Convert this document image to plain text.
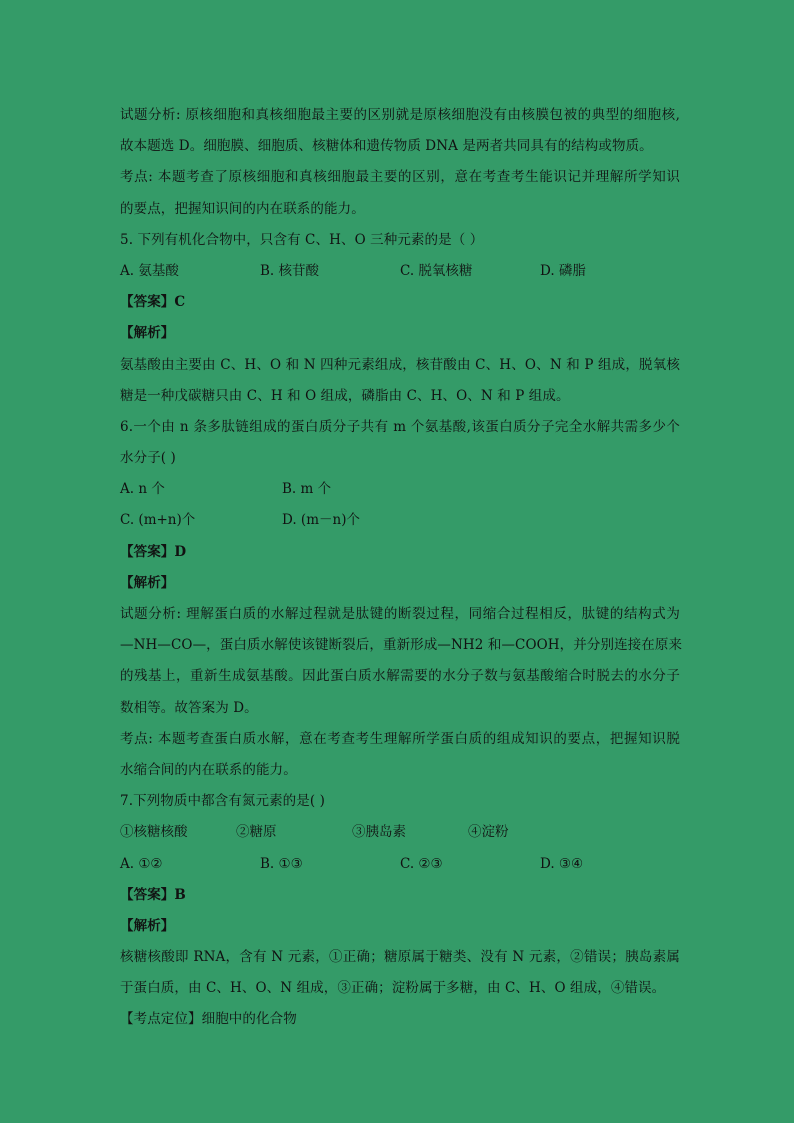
试题分析: 原核细胞和真核细胞最主要的区别就是原核细胞没有由核膜包被的典型的细胞核,
故本题选 D。细胞膜、细胞质、核糖体和遗传物质 DNA 是两者共同具有的结构或物质。
考点: 本题考查了原核细胞和真核细胞最主要的区别，意在考查考生能识记并理解所学知识
的要点，把握知识间的内在联系的能力。
5. 下列有机化合物中，只含有 C、H、O 三种元素的是（ ）
A. 氨基酸	B. 核苷酸	C. 脱氧核糖	D. 磷脂
【答案】C
【解析】
氨基酸由主要由 C、H、O 和 N 四种元素组成，核苷酸由 C、H、O、N 和 P 组成，脱氧核
糖是一种戊碳糖只由 C、H 和 O 组成，磷脂由 C、H、O、N 和 P 组成。
6.一个由 n 条多肽链组成的蛋白质分子共有 m 个氨基酸,该蛋白质分子完全水解共需多少个
水分子( )
A. n 个	B. m 个
C. (m+n)个	D. (m－n)个
【答案】D
【解析】
试题分析: 理解蛋白质的水解过程就是肽键的断裂过程，同缩合过程相反，肽键的结构式为
—NH—CO—，蛋白质水解使该键断裂后，重新形成—NH2 和—COOH，并分别连接在原来
的残基上，重新生成氨基酸。因此蛋白质水解需要的水分子数与氨基酸缩合时脱去的水分子
数相等。故答案为 D。
考点: 本题考查蛋白质水解，意在考查考生理解所学蛋白质的组成知识的要点，把握知识脱
水缩合间的内在联系的能力。
7.下列物质中都含有氮元素的是( )
①核糖核酸	②糖原	③胰岛素	④淀粉
A. ①②	B. ①③	C. ②③	D. ③④
【答案】B
【解析】
核糖核酸即 RNA，含有 N 元素，①正确；糖原属于糖类、没有 N 元素，②错误；胰岛素属
于蛋白质，由 C、H、O、N 组成，③正确；淀粉属于多糖，由 C、H、O 组成，④错误。
【考点定位】细胞中的化合物
